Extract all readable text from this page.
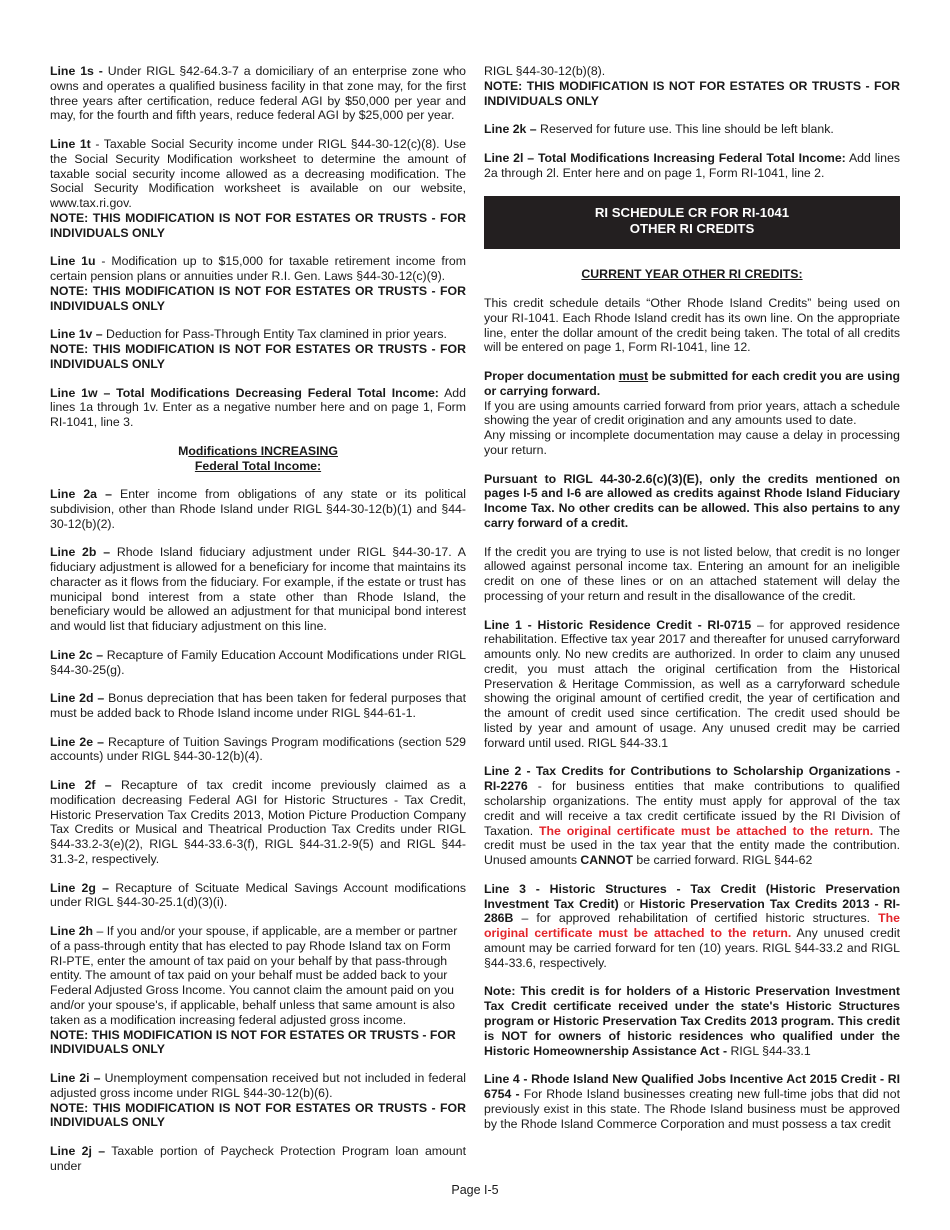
Line 1s - Under RIGL §42-64.3-7 a domiciliary of an enterprise zone who owns and operates a qualified business facility in that zone may, for the first three years after certification, reduce federal AGI by $50,000 per year and may, for the fourth and fifth years, reduce federal AGI by $25,000 per year.

Line 1t - Taxable Social Security income under RIGL §44-30-12(c)(8). Use the Social Security Modification worksheet to determine the amount of taxable social security income allowed as a decreasing modification. The Social Security Modification worksheet is available on our website, www.tax.ri.gov.
NOTE: THIS MODIFICATION IS NOT FOR ESTATES OR TRUSTS - FOR INDIVIDUALS ONLY

Line 1u - Modification up to $15,000 for taxable retirement income from certain pension plans or annuities under R.I. Gen. Laws §44-30-12(c)(9).
NOTE: THIS MODIFICATION IS NOT FOR ESTATES OR TRUSTS - FOR INDIVIDUALS ONLY

Line 1v – Deduction for Pass-Through Entity Tax clamined in prior years.
NOTE: THIS MODIFICATION IS NOT FOR ESTATES OR TRUSTS - FOR INDIVIDUALS ONLY

Line 1w – Total Modifications Decreasing Federal Total Income: Add lines 1a through 1v. Enter as a negative number here and on page 1, Form RI-1041, line 3.

Modifications INCREASING
Federal Total Income:

Line 2a – Enter income from obligations of any state or its political subdivision, other than Rhode Island under RIGL §44-30-12(b)(1) and §44-30-12(b)(2).

Line 2b – Rhode Island fiduciary adjustment under RIGL §44-30-17. A fiduciary adjustment is allowed for a beneficiary for income that maintains its character as it flows from the fiduciary. For example, if the estate or trust has municipal bond interest from a state other than Rhode Island, the beneficiary would be allowed an adjustment for that municipal bond interest and would list that fiduciary adjustment on this line.

Line 2c – Recapture of Family Education Account Modifications under RIGL §44-30-25(g).

Line 2d – Bonus depreciation that has been taken for federal purposes that must be added back to Rhode Island income under RIGL §44-61-1.

Line 2e – Recapture of Tuition Savings Program modifications (section 529 accounts) under RIGL §44-30-12(b)(4).

Line 2f – Recapture of tax credit income previously claimed as a modification decreasing Federal AGI for Historic Structures - Tax Credit, Historic Preservation Tax Credits 2013, Motion Picture Production Company Tax Credits or Musical and Theatrical Production Tax Credits under RIGL §44-33.2-3(e)(2), RIGL §44-33.6-3(f), RIGL §44-31.2-9(5) and RIGL §44-31.3-2, respectively.

Line 2g – Recapture of Scituate Medical Savings Account modifications under RIGL §44-30-25.1(d)(3)(i).

Line 2h – If you and/or your spouse, if applicable, are a member or partner of a pass-through entity that has elected to pay Rhode Island tax on Form RI-PTE, enter the amount of tax paid on your behalf by that pass-through entity. The amount of tax paid on your behalf must be added back to your Federal Adjusted Gross Income. You cannot claim the amount paid on you and/or your spouse's, if applicable, behalf unless that same amount is also taken as a modification increasing federal adjusted gross income.
NOTE: THIS MODIFICATION IS NOT FOR ESTATES OR TRUSTS - FOR INDIVIDUALS ONLY

Line 2i – Unemployment compensation received but not included in federal adjusted gross income under RIGL §44-30-12(b)(6).
NOTE: THIS MODIFICATION IS NOT FOR ESTATES OR TRUSTS - FOR INDIVIDUALS ONLY

Line 2j – Taxable portion of Paycheck Protection Program loan amount under

RIGL §44-30-12(b)(8).
NOTE: THIS MODIFICATION IS NOT FOR ESTATES OR TRUSTS - FOR INDIVIDUALS ONLY

Line 2k – Reserved for future use. This line should be left blank.

Line 2l – Total Modifications Increasing Federal Total Income: Add lines 2a through 2l. Enter here and on page 1, Form RI-1041, line 2.

RI SCHEDULE CR FOR RI-1041
OTHER RI CREDITS

CURRENT YEAR OTHER RI CREDITS:

This credit schedule details “Other Rhode Island Credits” being used on your RI-1041. Each Rhode Island credit has its own line. On the appropriate line, enter the dollar amount of the credit being taken. The total of all credits will be entered on page 1, Form RI-1041, line 12.

Proper documentation must be submitted for each credit you are using or carrying forward.
If you are using amounts carried forward from prior years, attach a schedule showing the year of credit origination and any amounts used to date.
Any missing or incomplete documentation may cause a delay in processing your return.

Pursuant to RIGL 44-30-2.6(c)(3)(E), only the credits mentioned on pages I-5 and I-6 are allowed as credits against Rhode Island Fiduciary Income Tax. No other credits can be allowed. This also pertains to any carry forward of a credit.

If the credit you are trying to use is not listed below, that credit is no longer allowed against personal income tax. Entering an amount for an ineligible credit on one of these lines or on an attached statement will delay the processing of your return and result in the disallowance of the credit.

Line 1 - Historic Residence Credit - RI-0715 – for approved residence rehabilitation. Effective tax year 2017 and thereafter for unused carryforward amounts only. No new credits are authorized. In order to claim any unused credit, you must attach the original certification from the Historical Preservation & Heritage Commission, as well as a carryforward schedule showing the original amount of certified credit, the year of certification and the amount of credit used since certification. The credit used should be listed by year and amount of usage. Any unused credit may be carried forward until used. RIGL §44-33.1

Line 2 - Tax Credits for Contributions to Scholarship Organizations - RI-2276 - for business entities that make contributions to qualified scholarship organizations. The entity must apply for approval of the tax credit and will receive a tax credit certificate issued by the RI Division of Taxation. The original certificate must be attached to the return. The credit must be used in the tax year that the entity made the contribution. Unused amounts CANNOT be carried forward. RIGL §44-62

Line 3 - Historic Structures - Tax Credit (Historic Preservation Investment Tax Credit) or Historic Preservation Tax Credits 2013 - RI-286B – for approved rehabilitation of certified historic structures. The original certificate must be attached to the return. Any unused credit amount may be carried forward for ten (10) years. RIGL §44-33.2 and RIGL §44-33.6, respectively.

Note: This credit is for holders of a Historic Preservation Investment Tax Credit certificate received under the state's Historic Structures program or Historic Preservation Tax Credits 2013 program. This credit is NOT for owners of historic residences who qualified under the Historic Homeownership Assistance Act - RIGL §44-33.1

Line 4 - Rhode Island New Qualified Jobs Incentive Act 2015 Credit - RI 6754 - For Rhode Island businesses creating new full-time jobs that did not previously exist in this state. The Rhode Island business must be approved by the Rhode Island Commerce Corporation and must possess a tax credit

Page I-5
